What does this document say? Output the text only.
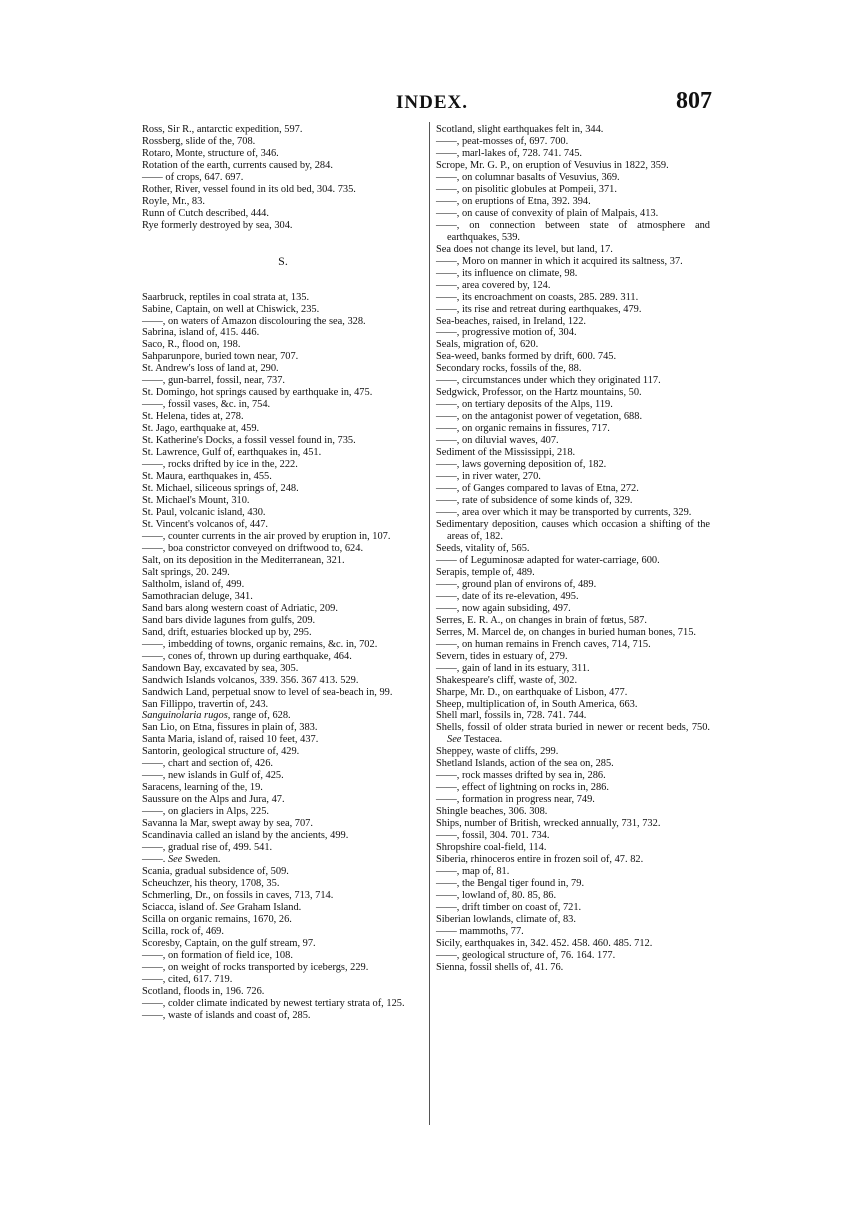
INDEX.	807
Ross, Sir R., antarctic expedition, 597.
Rossberg, slide of the, 708.
Rotaro, Monte, structure of, 346.
Rotation of the earth, currents caused by, 284.
—— of crops, 647. 697.
Rother, River, vessel found in its old bed, 304. 735.
Royle, Mr., 83.
Runn of Cutch described, 444.
Rye formerly destroyed by sea, 304.
S.
Saarbruck, reptiles in coal strata at, 135.
Sabine, Captain, on well at Chiswick, 235.
——, on waters of Amazon discolouring the sea, 328.
Sabrina, island of, 415. 446.
Saco, R., flood on, 198.
Sahparunpore, buried town near, 707.
St. Andrew's loss of land at, 290.
——, gun-barrel, fossil, near, 737.
St. Domingo, hot springs caused by earthquake in, 475.
——, fossil vases, &c. in, 754.
St. Helena, tides at, 278.
St. Jago, earthquake at, 459.
St. Katherine's Docks, a fossil vessel found in, 735.
St. Lawrence, Gulf of, earthquakes in, 451.
——, rocks drifted by ice in the, 222.
St. Maura, earthquakes in, 455.
St. Michael, siliceous springs of, 248.
St. Michael's Mount, 310.
St. Paul, volcanic island, 430.
St. Vincent's volcanos of, 447.
——, counter currents in the air proved by eruption in, 107.
——, boa constrictor conveyed on driftwood to, 624.
Salt, on its deposition in the Mediterranean, 321.
Salt springs, 20. 249.
Saltholm, island of, 499.
Samothracian deluge, 341.
Sand bars along western coast of Adriatic, 209.
Sand bars divide lagunes from gulfs, 209.
Sand, drift, estuaries blocked up by, 295.
——, imbedding of towns, organic remains, &c. in, 702.
——, cones of, thrown up during earthquake, 464.
Sandown Bay, excavated by sea, 305.
Sandwich Islands volcanos, 339. 356. 367 413. 529.
Sandwich Land, perpetual snow to level of sea-beach in, 99.
San Fillippo, travertin of, 243.
Sanguinolaria rugos, range of, 628.
San Lio, on Etna, fissures in plain of, 383.
Santa Maria, island of, raised 10 feet, 437.
Santorin, geological structure of, 429.
——, chart and section of, 426.
——, new islands in Gulf of, 425.
Saracens, learning of the, 19.
Saussure on the Alps and Jura, 47.
——, on glaciers in Alps, 225.
Savanna la Mar, swept away by sea, 707.
Scandinavia called an island by the ancients, 499.
——, gradual rise of, 499. 541.
——. See Sweden.
Scania, gradual subsidence of, 509.
Scheuchzer, his theory, 1708, 35.
Schmerling, Dr., on fossils in caves, 713, 714.
Sciacca, island of. See Graham Island.
Scilla on organic remains, 1670, 26.
Scilla, rock of, 469.
Scoresby, Captain, on the gulf stream, 97.
——, on formation of field ice, 108.
——, on weight of rocks transported by icebergs, 229.
——, cited, 617. 719.
Scotland, floods in, 196. 726.
——, colder climate indicated by newest tertiary strata of, 125.
——, waste of islands and coast of, 285.
Scotland, slight earthquakes felt in, 344.
——, peat-mosses of, 697. 700.
——, marl-lakes of, 728. 741. 745.
Scrope, Mr. G. P., on eruption of Vesuvius in 1822, 359.
——, on columnar basalts of Vesuvius, 369.
——, on pisolitic globules at Pompeii, 371.
——, on eruptions of Etna, 392. 394.
——, on cause of convexity of plain of Malpais, 413.
——, on connection between state of atmosphere and earthquakes, 539.
Sea does not change its level, but land, 17.
——, Moro on manner in which it acquired its saltness, 37.
——, its influence on climate, 98.
——, area covered by, 124.
——, its encroachment on coasts, 285. 289. 311.
——, its rise and retreat during earthquakes, 479.
Sea-beaches, raised, in Ireland, 122.
——, progressive motion of, 304.
Seals, migration of, 620.
Sea-weed, banks formed by drift, 600. 745.
Secondary rocks, fossils of the, 88.
——, circumstances under which they originated 117.
Sedgwick, Professor, on the Hartz mountains, 50.
——, on tertiary deposits of the Alps, 119.
——, on the antagonist power of vegetation, 688.
——, on organic remains in fissures, 717.
——, on diluvial waves, 407.
Sediment of the Mississippi, 218.
——, laws governing deposition of, 182.
——, in river water, 270.
——, of Ganges compared to lavas of Etna, 272.
——, rate of subsidence of some kinds of, 329.
——, area over which it may be transported by currents, 329.
Sedimentary deposition, causes which occasion a shifting of the areas of, 182.
Seeds, vitality of, 565.
—— of Leguminosæ adapted for water-carriage, 600.
Serapis, temple of, 489.
——, ground plan of environs of, 489.
——, date of its re-elevation, 495.
——, now again subsiding, 497.
Serres, E. R. A., on changes in brain of fœtus, 587.
Serres, M. Marcel de, on changes in buried human bones, 715.
——, on human remains in French caves, 714, 715.
Severn, tides in estuary of, 279.
——, gain of land in its estuary, 311.
Shakespeare's cliff, waste of, 302.
Sharpe, Mr. D., on earthquake of Lisbon, 477.
Sheep, multiplication of, in South America, 663.
Shell marl, fossils in, 728. 741. 744.
Shells, fossil of older strata buried in newer or recent beds, 750. See Testacea.
Sheppey, waste of cliffs, 299.
Shetland Islands, action of the sea on, 285.
——, rock masses drifted by sea in, 286.
——, effect of lightning on rocks in, 286.
——, formation in progress near, 749.
Shingle beaches, 306. 308.
Ships, number of British, wrecked annually, 731, 732.
——, fossil, 304. 701. 734.
Shropshire coal-field, 114.
Siberia, rhinoceros entire in frozen soil of, 47. 82.
——, map of, 81.
——, the Bengal tiger found in, 79.
——, lowland of, 80. 85, 86.
——, drift timber on coast of, 721.
Siberian lowlands, climate of, 83.
—— mammoths, 77.
Sicily, earthquakes in, 342. 452. 458. 460. 485. 712.
——, geological structure of, 76. 164. 177.
Sienna, fossil shells of, 41. 76.
